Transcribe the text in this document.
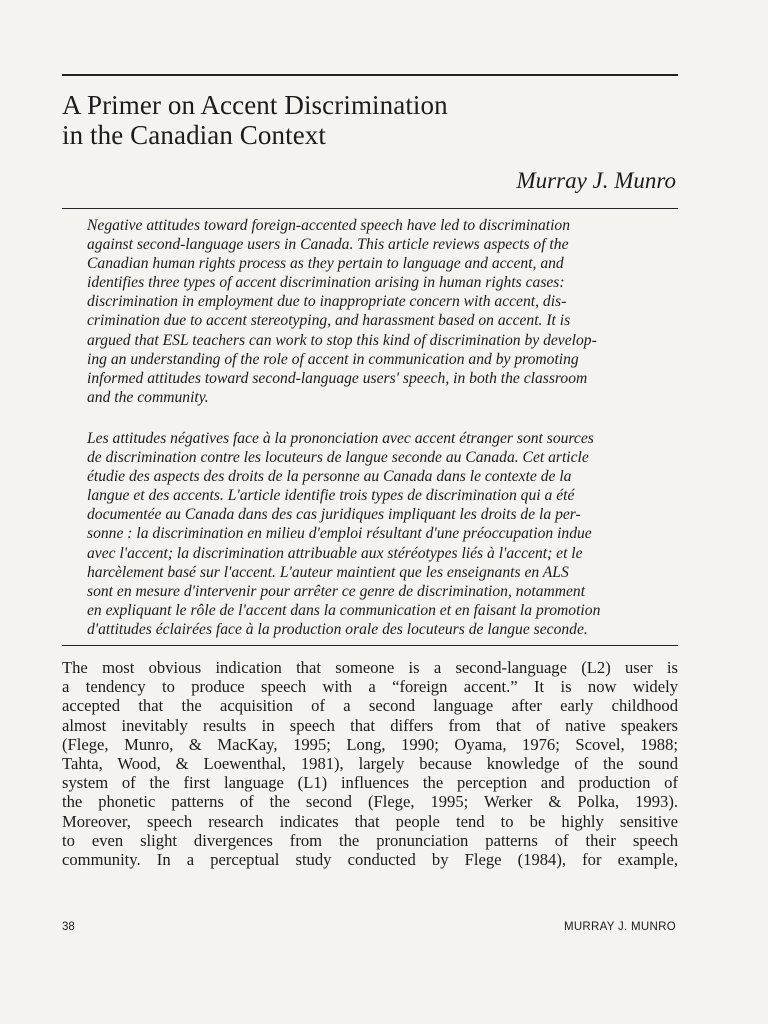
A Primer on Accent Discrimination
in the Canadian Context

Murray J. Munro

Negative attitudes toward foreign-accented speech have led to discrimination
against second-language users in Canada. This article reviews aspects of the
Canadian human rights process as they pertain to language and accent, and
identifies three types of accent discrimination arising in human rights cases:
discrimination in employment due to inappropriate concern with accent, dis-
crimination due to accent stereotyping, and harassment based on accent. It is
argued that ESL teachers can work to stop this kind of discrimination by develop-
ing an understanding of the role of accent in communication and by promoting
informed attitudes toward second-language users' speech, in both the classroom
and the community.

Les attitudes négatives face à la prononciation avec accent étranger sont sources
de discrimination contre les locuteurs de langue seconde au Canada. Cet article
étudie des aspects des droits de la personne au Canada dans le contexte de la
langue et des accents. L'article identifie trois types de discrimination qui a été
documentée au Canada dans des cas juridiques impliquant les droits de la per-
sonne : la discrimination en milieu d'emploi résultant d'une préoccupation indue
avec l'accent; la discrimination attribuable aux stéréotypes liés à l'accent; et le
harcèlement basé sur l'accent. L'auteur maintient que les enseignants en ALS
sont en mesure d'intervenir pour arrêter ce genre de discrimination, notamment
en expliquant le rôle de l'accent dans la communication et en faisant la promotion
d'attitudes éclairées face à la production orale des locuteurs de langue seconde.

The most obvious indication that someone is a second-language (L2) user is
a tendency to produce speech with a “foreign accent.” It is now widely
accepted that the acquisition of a second language after early childhood
almost inevitably results in speech that differs from that of native speakers
(Flege, Munro, & MacKay, 1995; Long, 1990; Oyama, 1976; Scovel, 1988;
Tahta, Wood, & Loewenthal, 1981), largely because knowledge of the sound
system of the first language (L1) influences the perception and production of
the phonetic patterns of the second (Flege, 1995; Werker & Polka, 1993).
Moreover, speech research indicates that people tend to be highly sensitive
to even slight divergences from the pronunciation patterns of their speech
community. In a perceptual study conducted by Flege (1984), for example,

38	MURRAY J. MUNRO
